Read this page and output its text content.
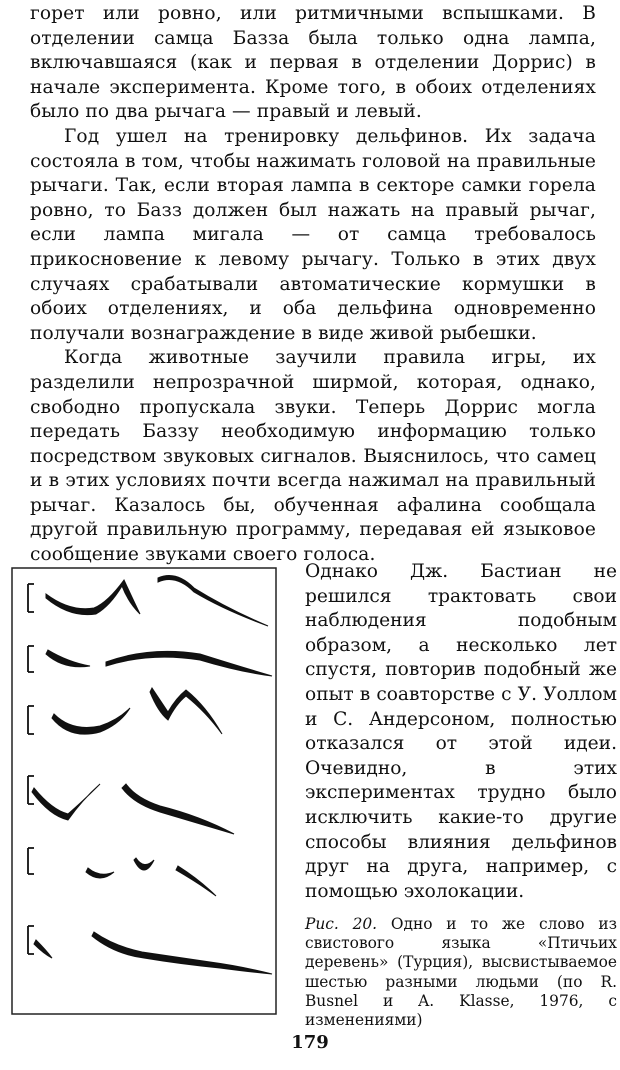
горет или ровно, или ритмичными вспышками. В отделении самца Базза была только одна лампа, включавшаяся (как и первая в отделении Доррис) в начале эксперимента. Кроме того, в обоих отделениях было по два рычага — правый и левый.

Год ушел на тренировку дельфинов. Их задача состояла в том, чтобы нажимать головой на правильные рычаги. Так, если вторая лампа в секторе самки горела ровно, то Базз должен был нажать на правый рычаг, если лампа мигала — от самца требовалось прикосновение к левому рычагу. Только в этих двух случаях срабатывали автоматические кормушки в обоих отделениях, и оба дельфина одновременно получали вознаграждение в виде живой рыбешки.

Когда животные заучили правила игры, их разделили непрозрачной ширмой, которая, однако, свободно пропускала звуки. Теперь Доррис могла передать Баззу необходимую информацию только посредством звуковых сигналов. Выяснилось, что самец и в этих условиях почти всегда нажимал на правильный рычаг. Казалось бы, обученная афалина сообщала другой правильную программу, передавая ей языковое сообщение звуками своего голоса.

Однако Дж. Бастиан не решился трактовать свои наблюдения подобным образом, а несколько лет спустя, повторив подобный же опыт в соавторстве с У. Уоллом и С. Андерсоном, полностью отказался от этой идеи. Очевидно, в этих экспериментах трудно было исключить какие-то другие способы влияния дельфинов друг на друга, например, с помощью эхолокации.
Рис. 20. Одно и то же слово из свистового языка «Птичьих деревень» (Турция), высвистываемое шестью разными людьми (по R. Busnel и A. Klasse, 1976, с изменениями)
179
